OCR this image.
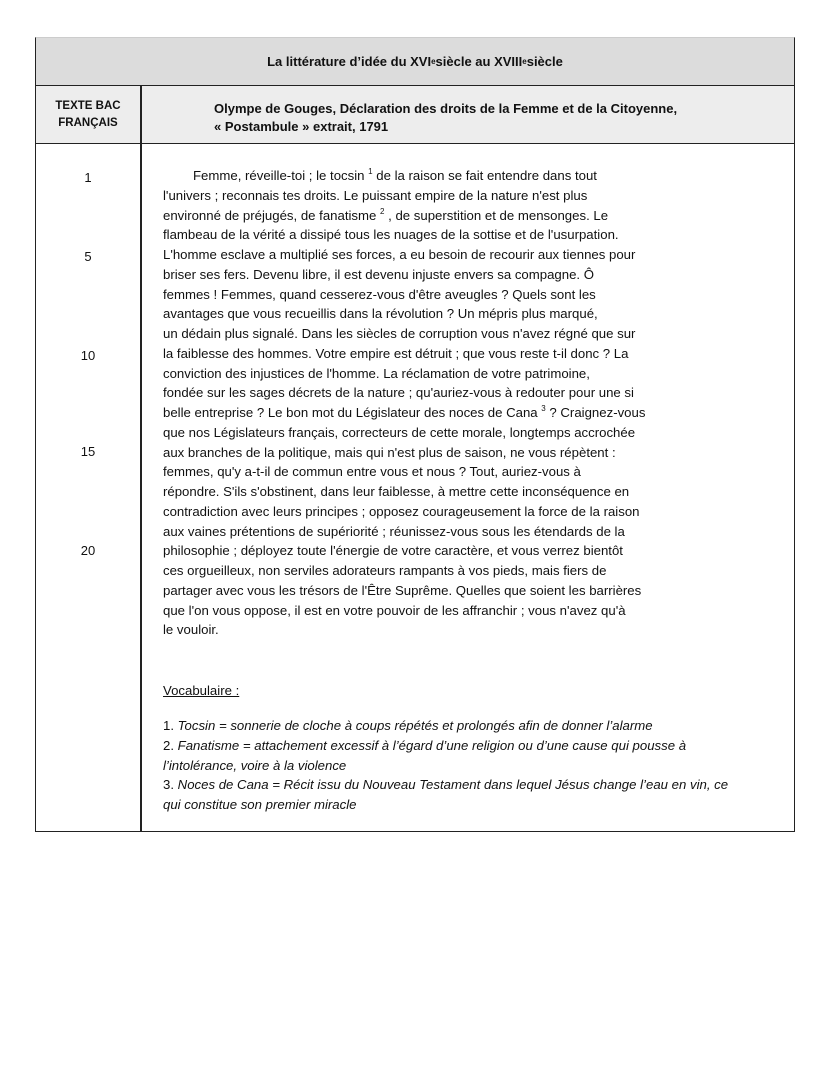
La littérature d’idée du XVI e siècle au XVIII e siècle
TEXTE BAC
FRANÇAIS
Olympe de Gouges, Déclaration des droits de la Femme et de la Citoyenne,
« Postambule » extrait, 1791
1
5
10
15
20
Femme, réveille-toi ; le tocsin $^1$ de la raison se fait entendre dans tout
l'univers ; reconnais tes droits. Le puissant empire de la nature n'est plus
environné de préjugés, de fanatisme $^2$ , de superstition et de mensonges. Le
flambeau de la vérité a dissipé tous les nuages de la sottise et de l'usurpation.
L'homme esclave a multiplié ses forces, a eu besoin de recourir aux tiennes pour
briser ses fers. Devenu libre, il est devenu injuste envers sa compagne. Ô
femmes ! Femmes, quand cesserez-vous d'être aveugles ? Quels sont les
avantages que vous recueillis dans la révolution ? Un mépris plus marqué,
un dédain plus signalé. Dans les siècles de corruption vous n'avez régné que sur
la faiblesse des hommes. Votre empire est détruit ; que vous reste t-il donc ? La
conviction des injustices de l'homme. La réclamation de votre patrimoine,
fondée sur les sages décrets de la nature ; qu'auriez-vous à redouter pour une si
belle entreprise ? Le bon mot du Législateur des noces de Cana $^3$ ? Craignez-vous
que nos Législateurs français, correcteurs de cette morale, longtemps accrochée
aux branches de la politique, mais qui n'est plus de saison, ne vous répètent :
femmes, qu'y a-t-il de commun entre vous et nous ? Tout, auriez-vous à
répondre. S'ils s'obstinent, dans leur faiblesse, à mettre cette inconséquence en
contradiction avec leurs principes ; opposez courageusement la force de la raison
aux vaines prétentions de supériorité ; réunissez-vous sous les étendards de la
philosophie ; déployez toute l'énergie de votre caractère, et vous verrez bientôt
ces orgueilleux, non serviles adorateurs rampants à vos pieds, mais fiers de
partager avec vous les trésors de l'Être Suprême. Quelles que soient les barrières
que l'on vous oppose, il est en votre pouvoir de les affranchir ; vous n'avez qu'à
le vouloir.
Vocabulaire :
1. Tocsin = sonnerie de cloche à coups répétés et prolongés afin de donner l’alarme
2. Fanatisme = attachement excessif à l’égard d’une religion ou d’une cause qui pousse à
l’intolérance, voire à la violence
3. Noces de Cana = Récit issu du Nouveau Testament dans lequel Jésus change l’eau en vin, ce
qui constitue son premier miracle
